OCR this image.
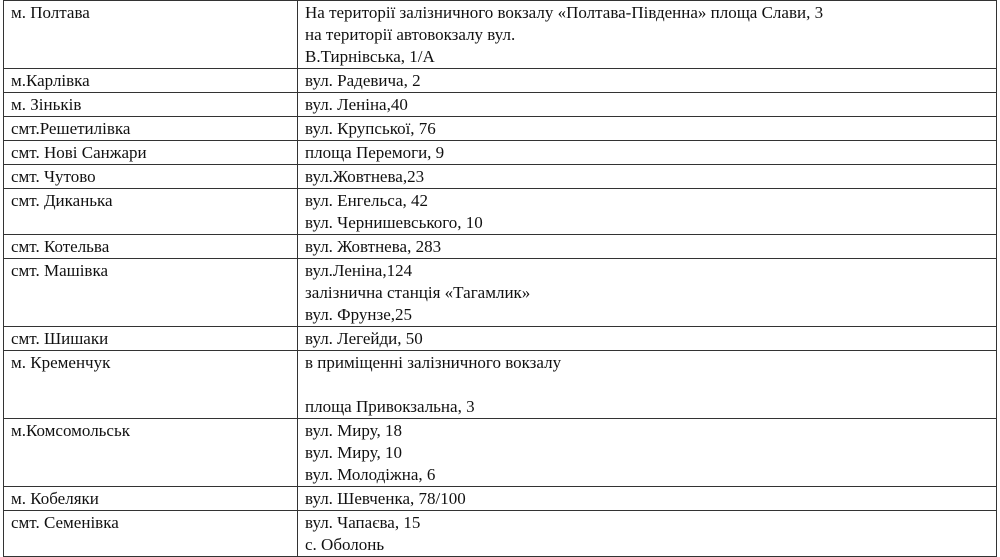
м. Полтава	На території залізничного вокзалу «Полтава-Південна» площа Слави, 3
на території автовокзалу вул.
В.Тирнівська, 1/А

м.Карлівка	вул. Радевича, 2

м. Зіньків	вул. Леніна,40

смт.Решетилівка	вул. Крупської, 76

смт. Нові Санжари	площа Перемоги, 9

смт. Чутово	вул.Жовтнева,23

смт. Диканька	вул. Енгельса, 42
вул. Чернишевського, 10

смт. Котельва	вул. Жовтнева, 283

смт. Машівка	вул.Леніна,124
залізнична станція «Тагамлик»
вул. Фрунзе,25

смт. Шишаки	вул. Легейди, 50

м. Кременчук	в приміщенні залізничного вокзалу
площа Привокзальна, 3

м.Комсомольськ	вул. Миру, 18
вул. Миру, 10
вул. Молодіжна, 6

м. Кобеляки	вул. Шевченка, 78/100

смт. Семенівка	вул. Чапаєва, 15
с. Оболонь
